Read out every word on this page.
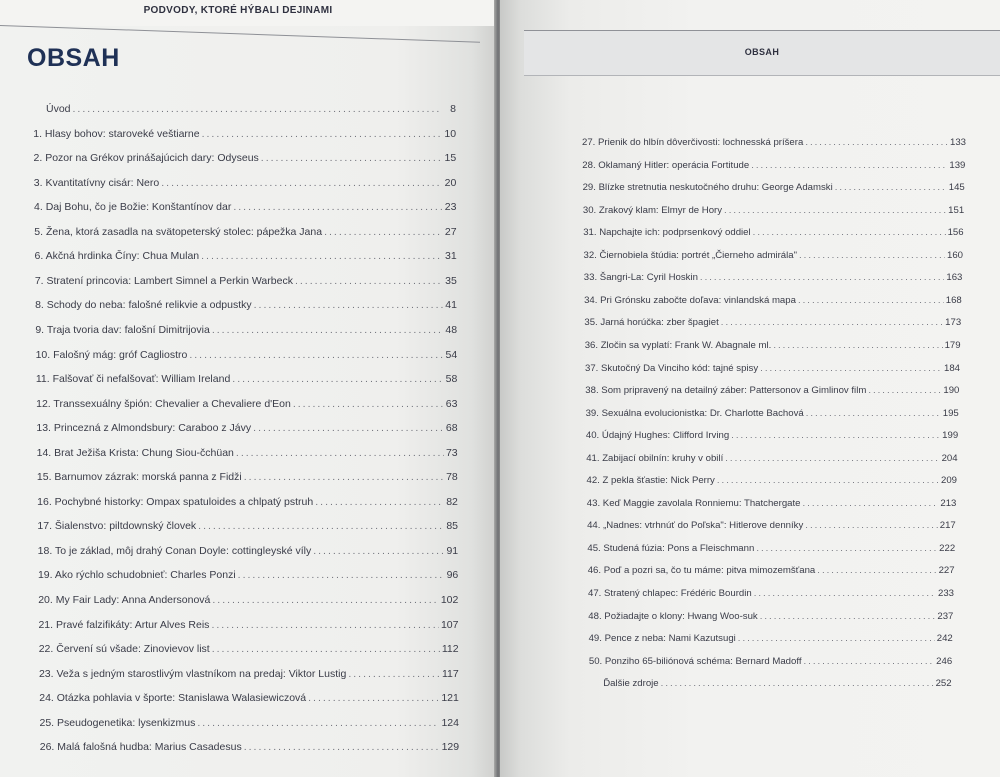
PODVODY, KTORÉ HÝBALI DEJINAMI
OBSAH
Úvod .....	8
1. Hlasy bohov: staroveké veštiarne .....	10
2. Pozor na Grékov prinášajúcich dary: Odyseus .....	15
3. Kvantitatívny cisár: Nero .....	20
4. Daj Bohu, čo je Božie: Konštantínov dar .....	23
5. Žena, ktorá zasadla na svätopeterský stolec: pápežka Jana .....	27
6. Akčná hrdinka Číny: Chua Mulan .....	31
7. Stratení princovia: Lambert Simnel a Perkin Warbeck .....	35
8. Schody do neba: falošné relikvie a odpustky .....	41
9. Traja tvoria dav: falošní Dimitrijovia .....	48
10. Falošný mág: gróf Cagliostro .....	54
11. Falšovať či nefalšovať: William Ireland .....	58
12. Transsexuálny špión: Chevalier a Chevaliere d'Eon .....	63
13. Princezná z Almondsbury: Caraboo z Jávy .....	68
14. Brat Ježiša Krista: Chung Siou-čchüan .....	73
15. Barnumov zázrak: morská panna z Fidži .....	78
16. Pochybné historky: Ompax spatuloides a chlpatý pstruh .....	82
17. Šialenstvo: piltdownský človek .....	85
18. To je základ, môj drahý Conan Doyle: cottingleyské víly .....	91
19. Ako rýchlo schudobnieť: Charles Ponzi .....	96
20. My Fair Lady: Anna Andersonová .....	102
21. Pravé falzifikáty: Artur Alves Reis .....	107
22. Červení sú všade: Zinovievov list .....	112
23. Veža s jedným starostlivým vlastníkom na predaj: Viktor Lustig .....	117
24. Otázka pohlavia v športe: Stanislawa Walasiewiczová .....	121
25. Pseudogenetika: lysenkizmus .....	124
26. Malá falošná hudba: Marius Casadesus .....	129
OBSAH
27. Prienik do hlbín dôverčivosti: lochnesská príšera .....	133
28. Oklamaný Hitler: operácia Fortitude .....	139
29. Blízke stretnutia neskutočného druhu: George Adamski .....	145
30. Zrakový klam: Elmyr de Hory .....	151
31. Napchajte ich: podprsenkový oddiel .....	156
32. Čiernobiela štúdia: portrét „Čierneho admirála" .....	160
33. Šangri-La: Cyril Hoskin .....	163
34. Pri Grónsku zabočte doľava: vinlandská mapa .....	168
35. Jarná horúčka: zber špagiet .....	173
36. Zločin sa vyplatí: Frank W. Abagnale ml. .....	179
37. Skutočný Da Vinciho kód: tajné spisy .....	184
38. Som pripravený na detailný záber: Pattersonov a Gimlinov film .....	190
39. Sexuálna evolucionistka: Dr. Charlotte Bachová .....	195
40. Údajný Hughes: Clifford Irving .....	199
41. Zabijací obilnín: kruhy v obilí .....	204
42. Z pekla šťastie: Nick Perry .....	209
43. Keď Maggie zavolala Ronniemu: Thatchergate .....	213
44. „Nadnes: vtrhnúť do Poľska": Hitlerove denníky .....	217
45. Studená fúzia: Pons a Fleischmann .....	222
46. Poď a pozri sa, čo tu máme: pitva mimozemšťana .....	227
47. Stratený chlapec: Frédéric Bourdin .....	233
48. Požiadajte o klony: Hwang Woo-suk .....	237
49. Pence z neba: Nami Kazutsugi .....	242
50. Ponziho 65-biliónová schéma: Bernard Madoff .....	246
Ďalšie zdroje .....	252
